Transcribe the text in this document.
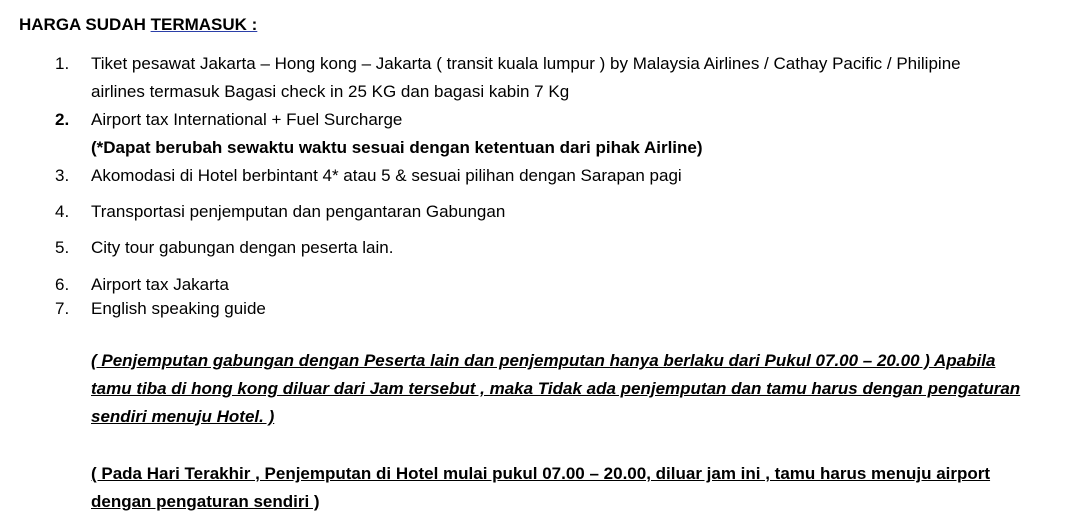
HARGA SUDAH TERMASUK :
1. Tiket pesawat Jakarta – Hong kong – Jakarta ( transit kuala lumpur ) by Malaysia Airlines / Cathay Pacific / Philipine
airlines termasuk Bagasi check in 25 KG dan bagasi kabin 7 Kg
2. Airport tax International + Fuel Surcharge
(*Dapat berubah sewaktu waktu sesuai dengan ketentuan dari pihak Airline)
3. Akomodasi di Hotel berbintant 4* atau 5 & sesuai pilihan dengan Sarapan pagi
4. Transportasi penjemputan dan pengantaran Gabungan
5. City tour gabungan dengan peserta lain.
6. Airport tax Jakarta
7. English speaking guide
( Penjemputan gabungan dengan Peserta lain dan penjemputan hanya berlaku dari Pukul 07.00 – 20.00 ) Apabila
tamu tiba di hong kong diluar dari Jam tersebut , maka Tidak ada penjemputan dan tamu harus dengan pengaturan
sendiri menuju Hotel. )
( Pada Hari Terakhir , Penjemputan di Hotel mulai pukul 07.00 – 20.00, diluar jam ini , tamu harus menuju airport
dengan pengaturan sendiri )
